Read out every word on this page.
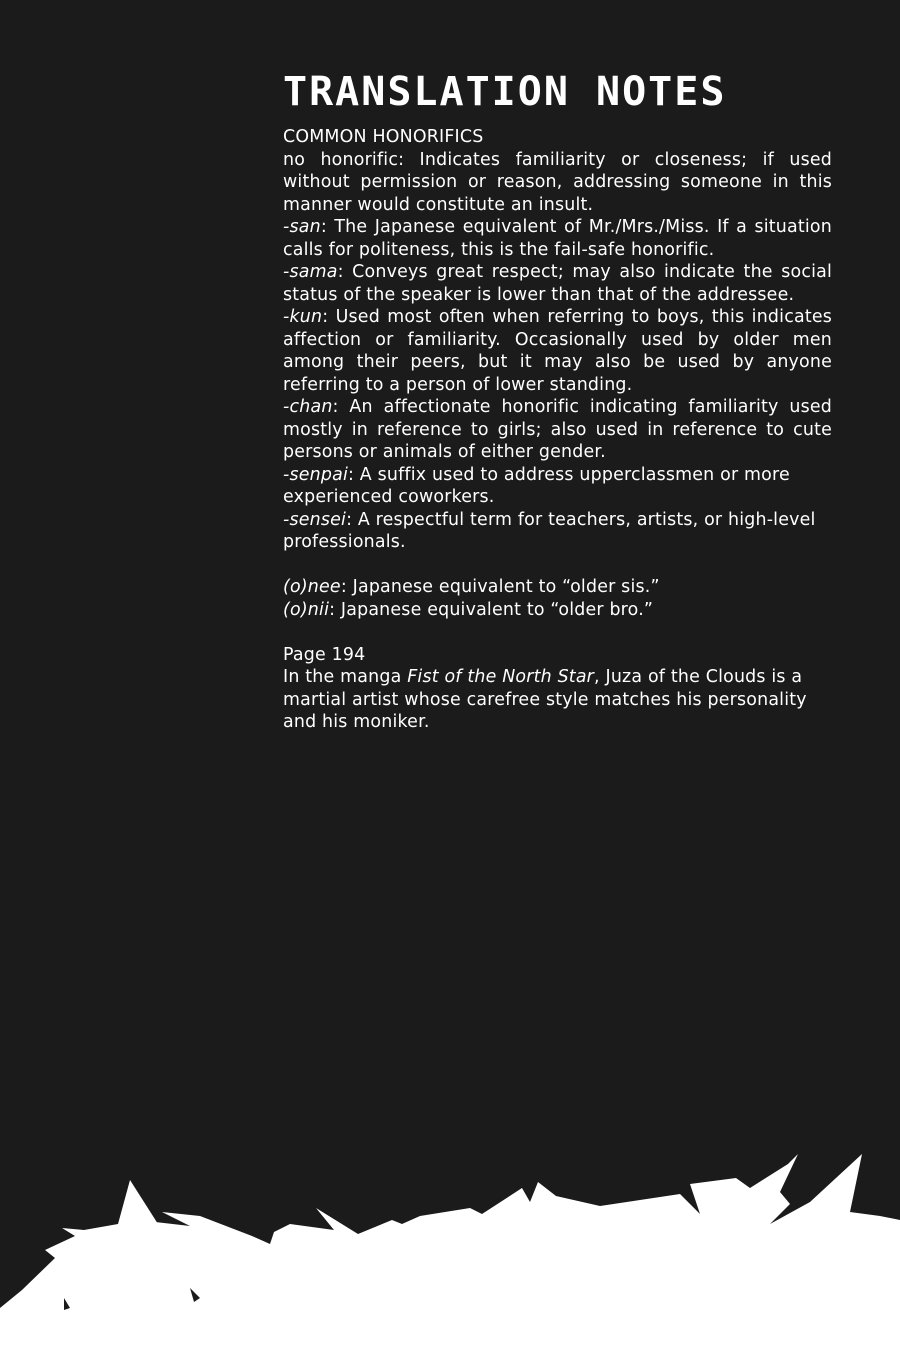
TRANSLATION NOTES

COMMON HONORIFICS

no honorific: Indicates familiarity or closeness; if used without permission or reason, addressing someone in this manner would constitute an insult.

-san: The Japanese equivalent of Mr./Mrs./Miss. If a situation calls for politeness, this is the fail-safe honorific.

-sama: Conveys great respect; may also indicate the social status of the speaker is lower than that of the addressee.

-kun: Used most often when referring to boys, this indicates affection or familiarity. Occasionally used by older men among their peers, but it may also be used by anyone referring to a person of lower standing.

-chan: An affectionate honorific indicating familiarity used mostly in reference to girls; also used in reference to cute persons or animals of either gender.

-senpai: A suffix used to address upperclassmen or more experienced coworkers.

-sensei: A respectful term for teachers, artists, or high-level professionals.

(o)nee: Japanese equivalent to “older sis.”

(o)nii: Japanese equivalent to “older bro.”

Page 194

In the manga Fist of the North Star, Juza of the Clouds is a martial artist whose carefree style matches his personality and his moniker.
